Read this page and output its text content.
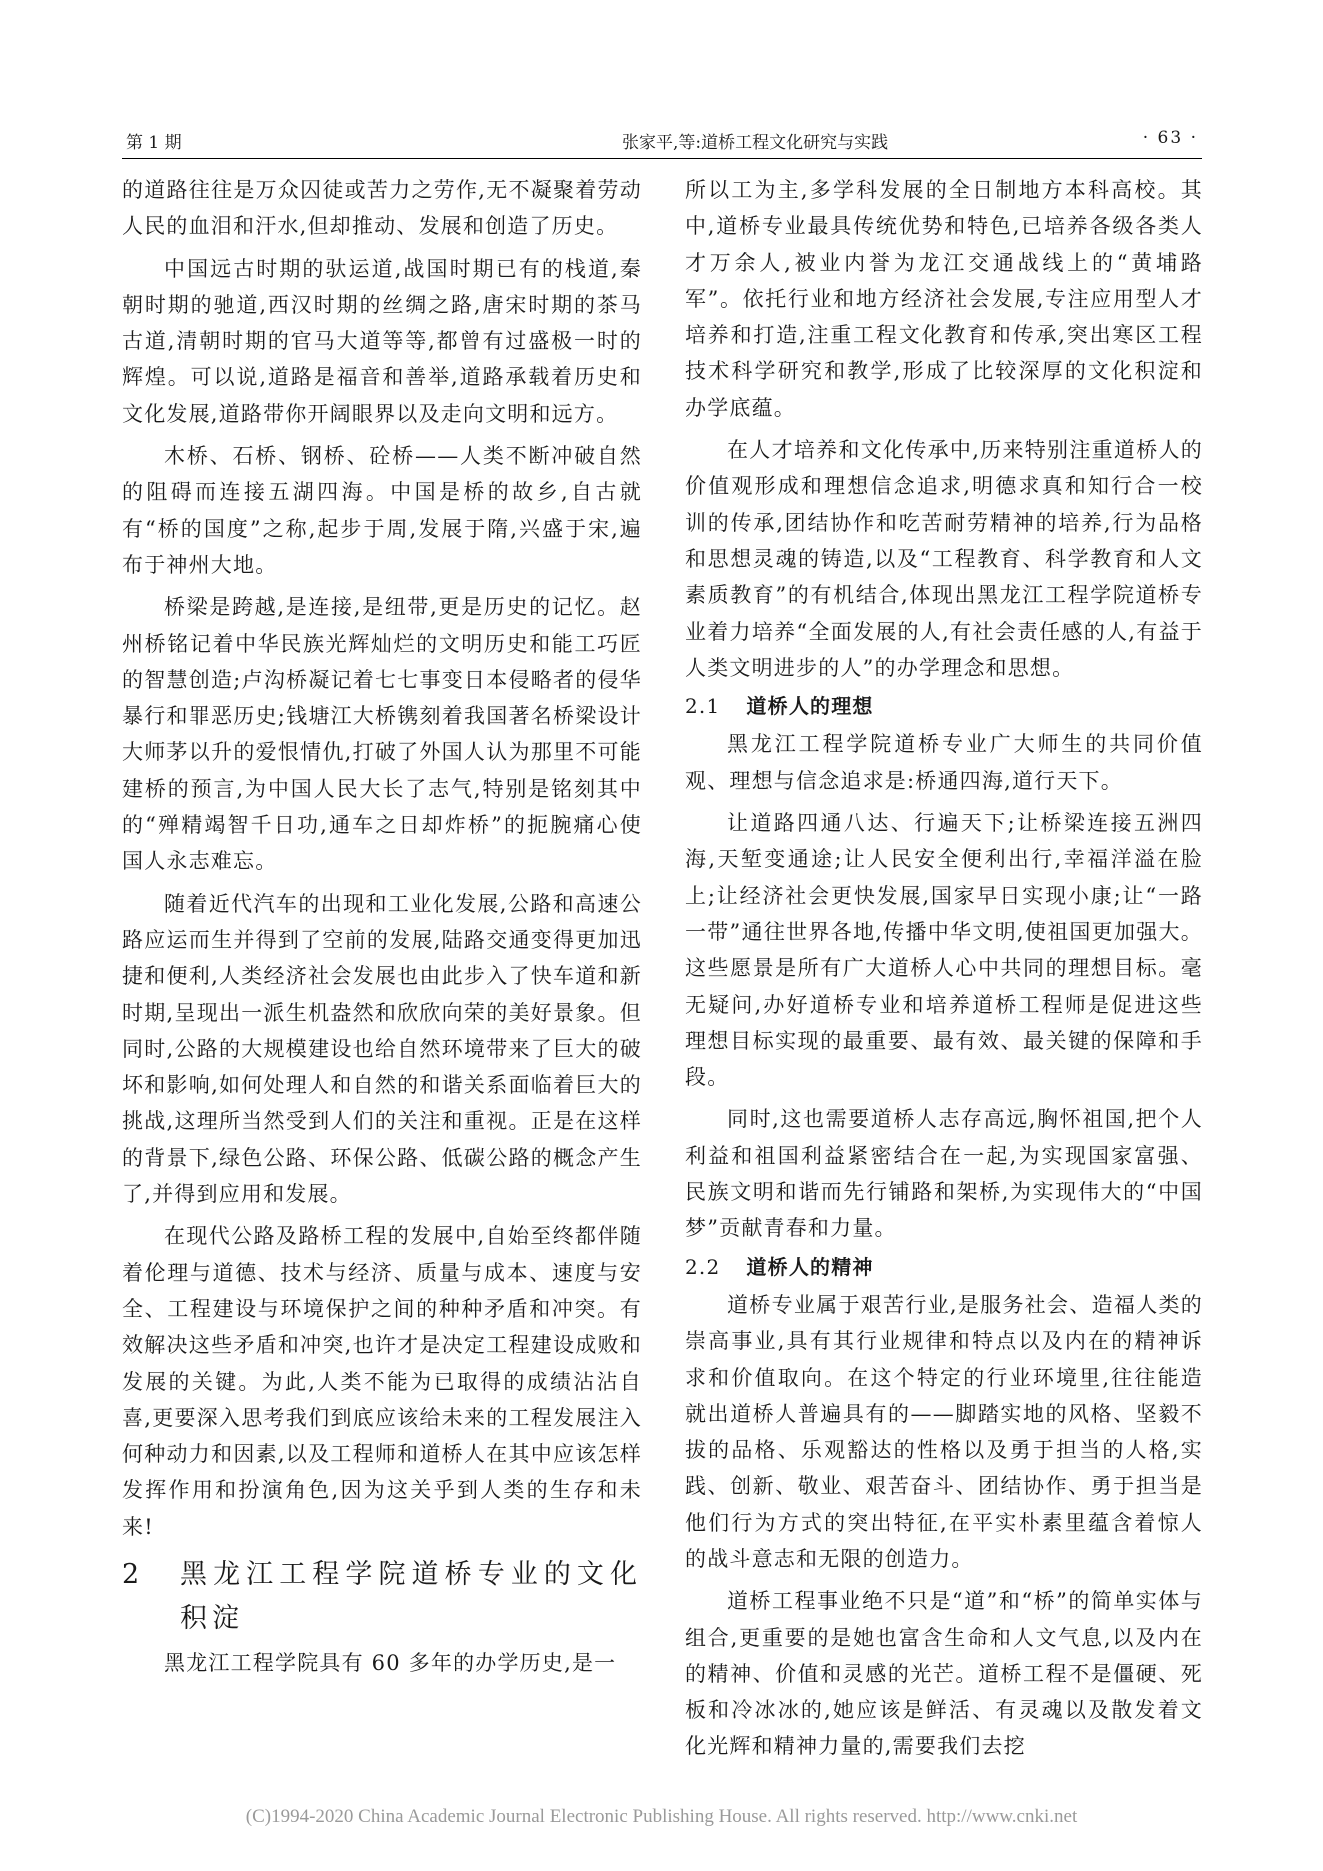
第 1 期	张家平,等:道桥工程文化研究与实践	· 63 ·

的道路往往是万众囚徒或苦力之劳作,无不凝聚着劳动人民的血泪和汗水,但却推动、发展和创造了历史。

中国远古时期的驮运道,战国时期已有的栈道,秦朝时期的驰道,西汉时期的丝绸之路,唐宋时期的茶马古道,清朝时期的官马大道等等,都曾有过盛极一时的辉煌。可以说,道路是福音和善举,道路承载着历史和文化发展,道路带你开阔眼界以及走向文明和远方。

木桥、石桥、钢桥、砼桥——人类不断冲破自然的阻碍而连接五湖四海。中国是桥的故乡,自古就有“桥的国度”之称,起步于周,发展于隋,兴盛于宋,遍布于神州大地。

桥梁是跨越,是连接,是纽带,更是历史的记忆。赵州桥铭记着中华民族光辉灿烂的文明历史和能工巧匠的智慧创造;卢沟桥凝记着七七事变日本侵略者的侵华暴行和罪恶历史;钱塘江大桥镌刻着我国著名桥梁设计大师茅以升的爱恨情仇,打破了外国人认为那里不可能建桥的预言,为中国人民大长了志气,特别是铭刻其中的“殚精竭智千日功,通车之日却炸桥”的扼腕痛心使国人永志难忘。

随着近代汽车的出现和工业化发展,公路和高速公路应运而生并得到了空前的发展,陆路交通变得更加迅捷和便利,人类经济社会发展也由此步入了快车道和新时期,呈现出一派生机盎然和欣欣向荣的美好景象。但同时,公路的大规模建设也给自然环境带来了巨大的破坏和影响,如何处理人和自然的和谐关系面临着巨大的挑战,这理所当然受到人们的关注和重视。正是在这样的背景下,绿色公路、环保公路、低碳公路的概念产生了,并得到应用和发展。

在现代公路及路桥工程的发展中,自始至终都伴随着伦理与道德、技术与经济、质量与成本、速度与安全、工程建设与环境保护之间的种种矛盾和冲突。有效解决这些矛盾和冲突,也许才是决定工程建设成败和发展的关键。为此,人类不能为已取得的成绩沾沾自喜,更要深入思考我们到底应该给未来的工程发展注入何种动力和因素,以及工程师和道桥人在其中应该怎样发挥作用和扮演角色,因为这关乎到人类的生存和未来!

2	黑龙江工程学院道桥专业的文化积淀

黑龙江工程学院具有 60 多年的办学历史,是一

所以工为主,多学科发展的全日制地方本科高校。其中,道桥专业最具传统优势和特色,已培养各级各类人才万余人,被业内誉为龙江交通战线上的“黄埔路军”。依托行业和地方经济社会发展,专注应用型人才培养和打造,注重工程文化教育和传承,突出寒区工程技术科学研究和教学,形成了比较深厚的文化积淀和办学底蕴。

在人才培养和文化传承中,历来特别注重道桥人的价值观形成和理想信念追求,明德求真和知行合一校训的传承,团结协作和吃苦耐劳精神的培养,行为品格和思想灵魂的铸造,以及“工程教育、科学教育和人文素质教育”的有机结合,体现出黑龙江工程学院道桥专业着力培养“全面发展的人,有社会责任感的人,有益于人类文明进步的人”的办学理念和思想。

2.1 道桥人的理想

黑龙江工程学院道桥专业广大师生的共同价值观、理想与信念追求是:桥通四海,道行天下。

让道路四通八达、行遍天下;让桥梁连接五洲四海,天堑变通途;让人民安全便利出行,幸福洋溢在脸上;让经济社会更快发展,国家早日实现小康;让“一路一带”通往世界各地,传播中华文明,使祖国更加强大。这些愿景是所有广大道桥人心中共同的理想目标。毫无疑问,办好道桥专业和培养道桥工程师是促进这些理想目标实现的最重要、最有效、最关键的保障和手段。

同时,这也需要道桥人志存高远,胸怀祖国,把个人利益和祖国利益紧密结合在一起,为实现国家富强、民族文明和谐而先行铺路和架桥,为实现伟大的“中国梦”贡献青春和力量。

2.2 道桥人的精神

道桥专业属于艰苦行业,是服务社会、造福人类的崇高事业,具有其行业规律和特点以及内在的精神诉求和价值取向。在这个特定的行业环境里,往往能造就出道桥人普遍具有的——脚踏实地的风格、坚毅不拔的品格、乐观豁达的性格以及勇于担当的人格,实践、创新、敬业、艰苦奋斗、团结协作、勇于担当是他们行为方式的突出特征,在平实朴素里蕴含着惊人的战斗意志和无限的创造力。

道桥工程事业绝不只是“道”和“桥”的简单实体与组合,更重要的是她也富含生命和人文气息,以及内在的精神、价值和灵感的光芒。道桥工程不是僵硬、死板和冷冰冰的,她应该是鲜活、有灵魂以及散发着文化光辉和精神力量的,需要我们去挖

(C)1994-2020 China Academic Journal Electronic Publishing House. All rights reserved. http://www.cnki.net
